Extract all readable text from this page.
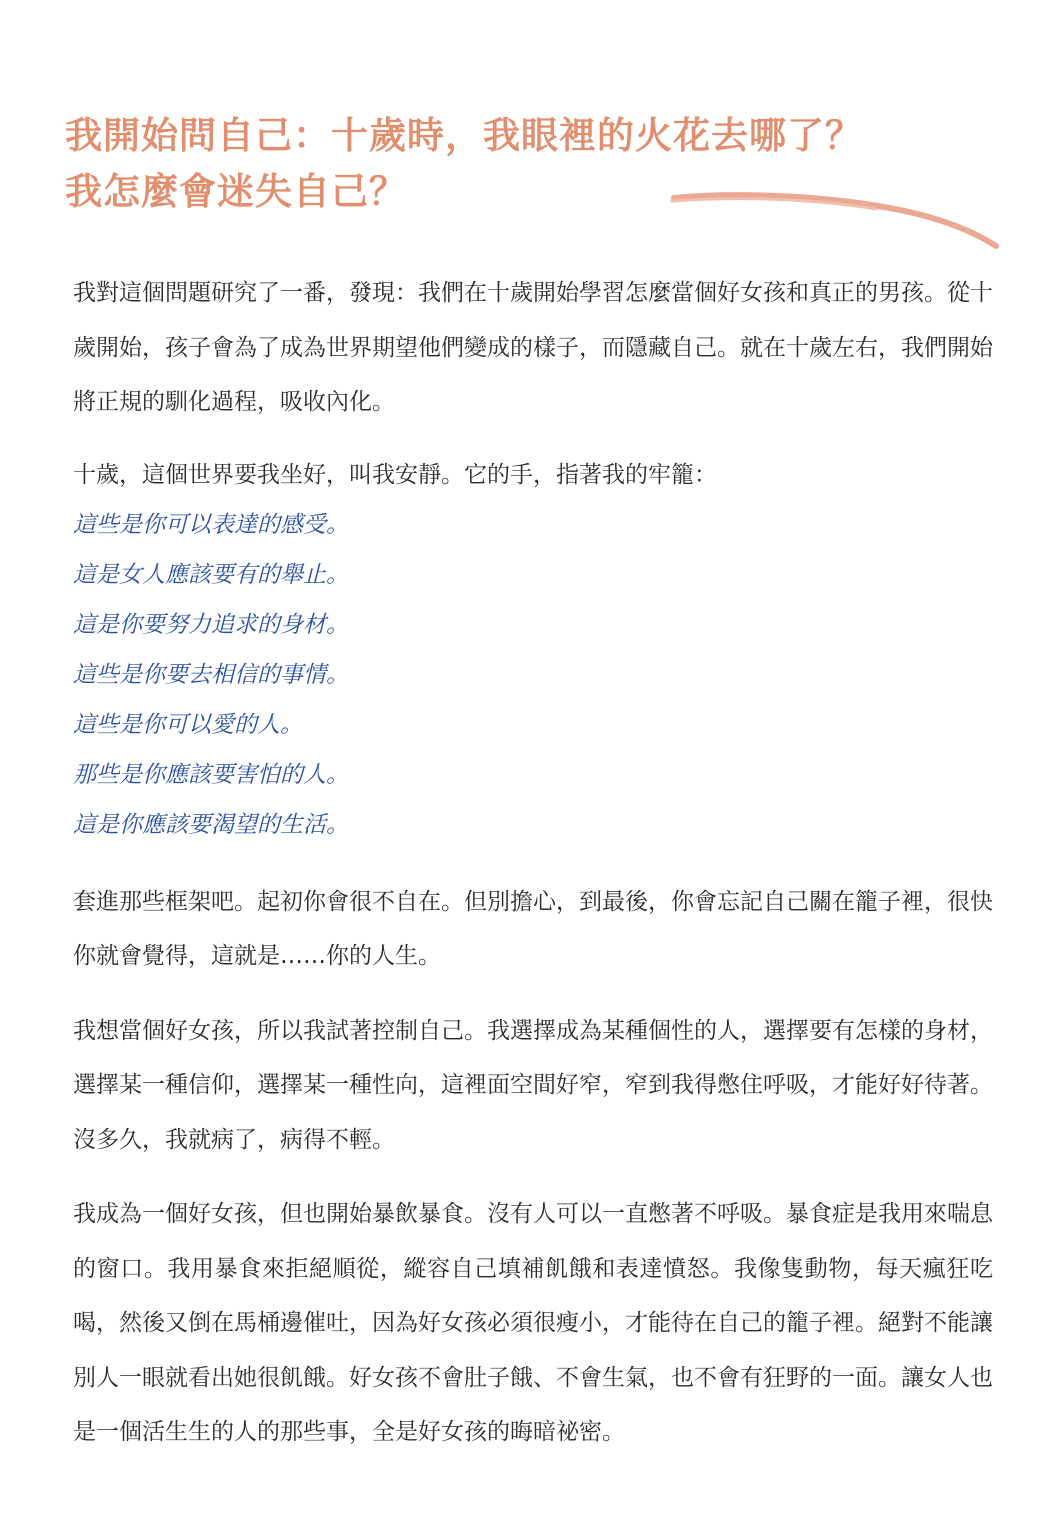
我開始問自己：十歲時，我眼裡的火花去哪了？
我怎麼會迷失自己？

我對這個問題研究了一番，發現：我們在十歲開始學習怎麼當個好女孩和真正的男孩。從十歲開始，孩子會為了成為世界期望他們變成的樣子，而隱藏自己。就在十歲左右，我們開始將正規的馴化過程，吸收內化。

十歲，這個世界要我坐好，叫我安靜。它的手，指著我的牢籠：

這些是你可以表達的感受。
這是女人應該要有的舉止。
這是你要努力追求的身材。
這些是你要去相信的事情。
這些是你可以愛的人。
那些是你應該要害怕的人。
這是你應該要渴望的生活。

套進那些框架吧。起初你會很不自在。但別擔心，到最後，你會忘記自己關在籠子裡，很快你就會覺得，這就是……你的人生。

我想當個好女孩，所以我試著控制自己。我選擇成為某種個性的人，選擇要有怎樣的身材，選擇某一種信仰，選擇某一種性向，這裡面空間好窄，窄到我得憋住呼吸，才能好好待著。沒多久，我就病了，病得不輕。

我成為一個好女孩，但也開始暴飲暴食。沒有人可以一直憋著不呼吸。暴食症是我用來喘息的窗口。我用暴食來拒絕順從，縱容自己填補飢餓和表達憤怒。我像隻動物，每天瘋狂吃喝，然後又倒在馬桶邊催吐，因為好女孩必須很瘦小，才能待在自己的籠子裡。絕對不能讓別人一眼就看出她很飢餓。好女孩不會肚子餓、不會生氣，也不會有狂野的一面。讓女人也是一個活生生的人的那些事，全是好女孩的晦暗祕密。
